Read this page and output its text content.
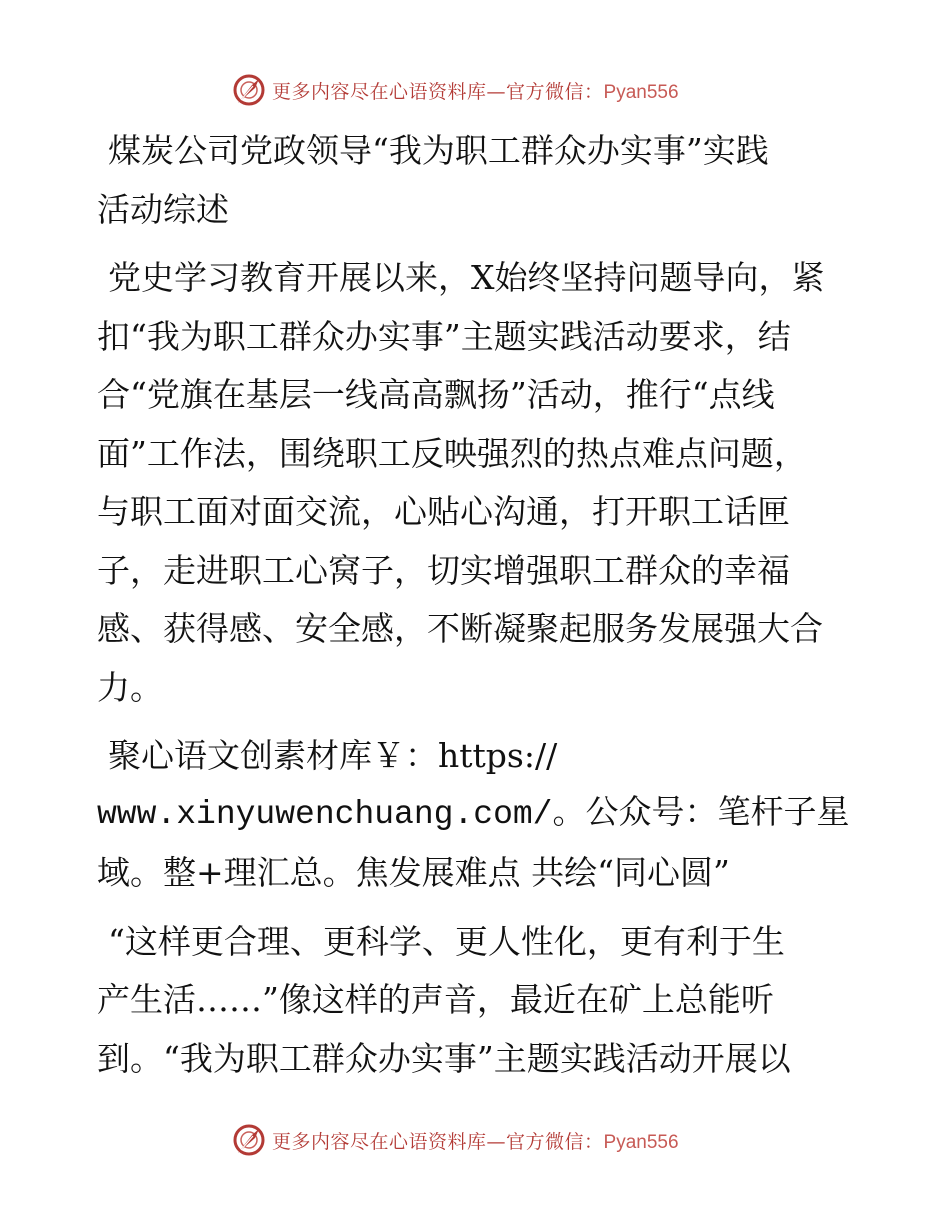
更多内容尽在心语资料库—官方微信：Pyan556
煤炭公司党政领导“我为职工群众办实事”实践
活动综述
党史学习教育开展以来，X始终坚持问题导向，紧
扣“我为职工群众办实事”主题实践活动要求，结
合“党旗在基层一线高高飘扬”活动，推行“点线
面”工作法，围绕职工反映强烈的热点难点问题，
与职工面对面交流，心贴心沟通，打开职工话匣
子，走进职工心窝子，切实增强职工群众的幸福
感、获得感、安全感，不断凝聚起服务发展强大合
力。
聚心语文创素材库￥：https://
www.xinyuwenchuang.com/。公众号：笔杆子星
域。整+理汇总。焦发展难点 共绘“同心圆”
“这样更合理、更科学、更人性化，更有利于生
产生活……”像这样的声音，最近在矿上总能听
到。“我为职工群众办实事”主题实践活动开展以
更多内容尽在心语资料库—官方微信：Pyan556
